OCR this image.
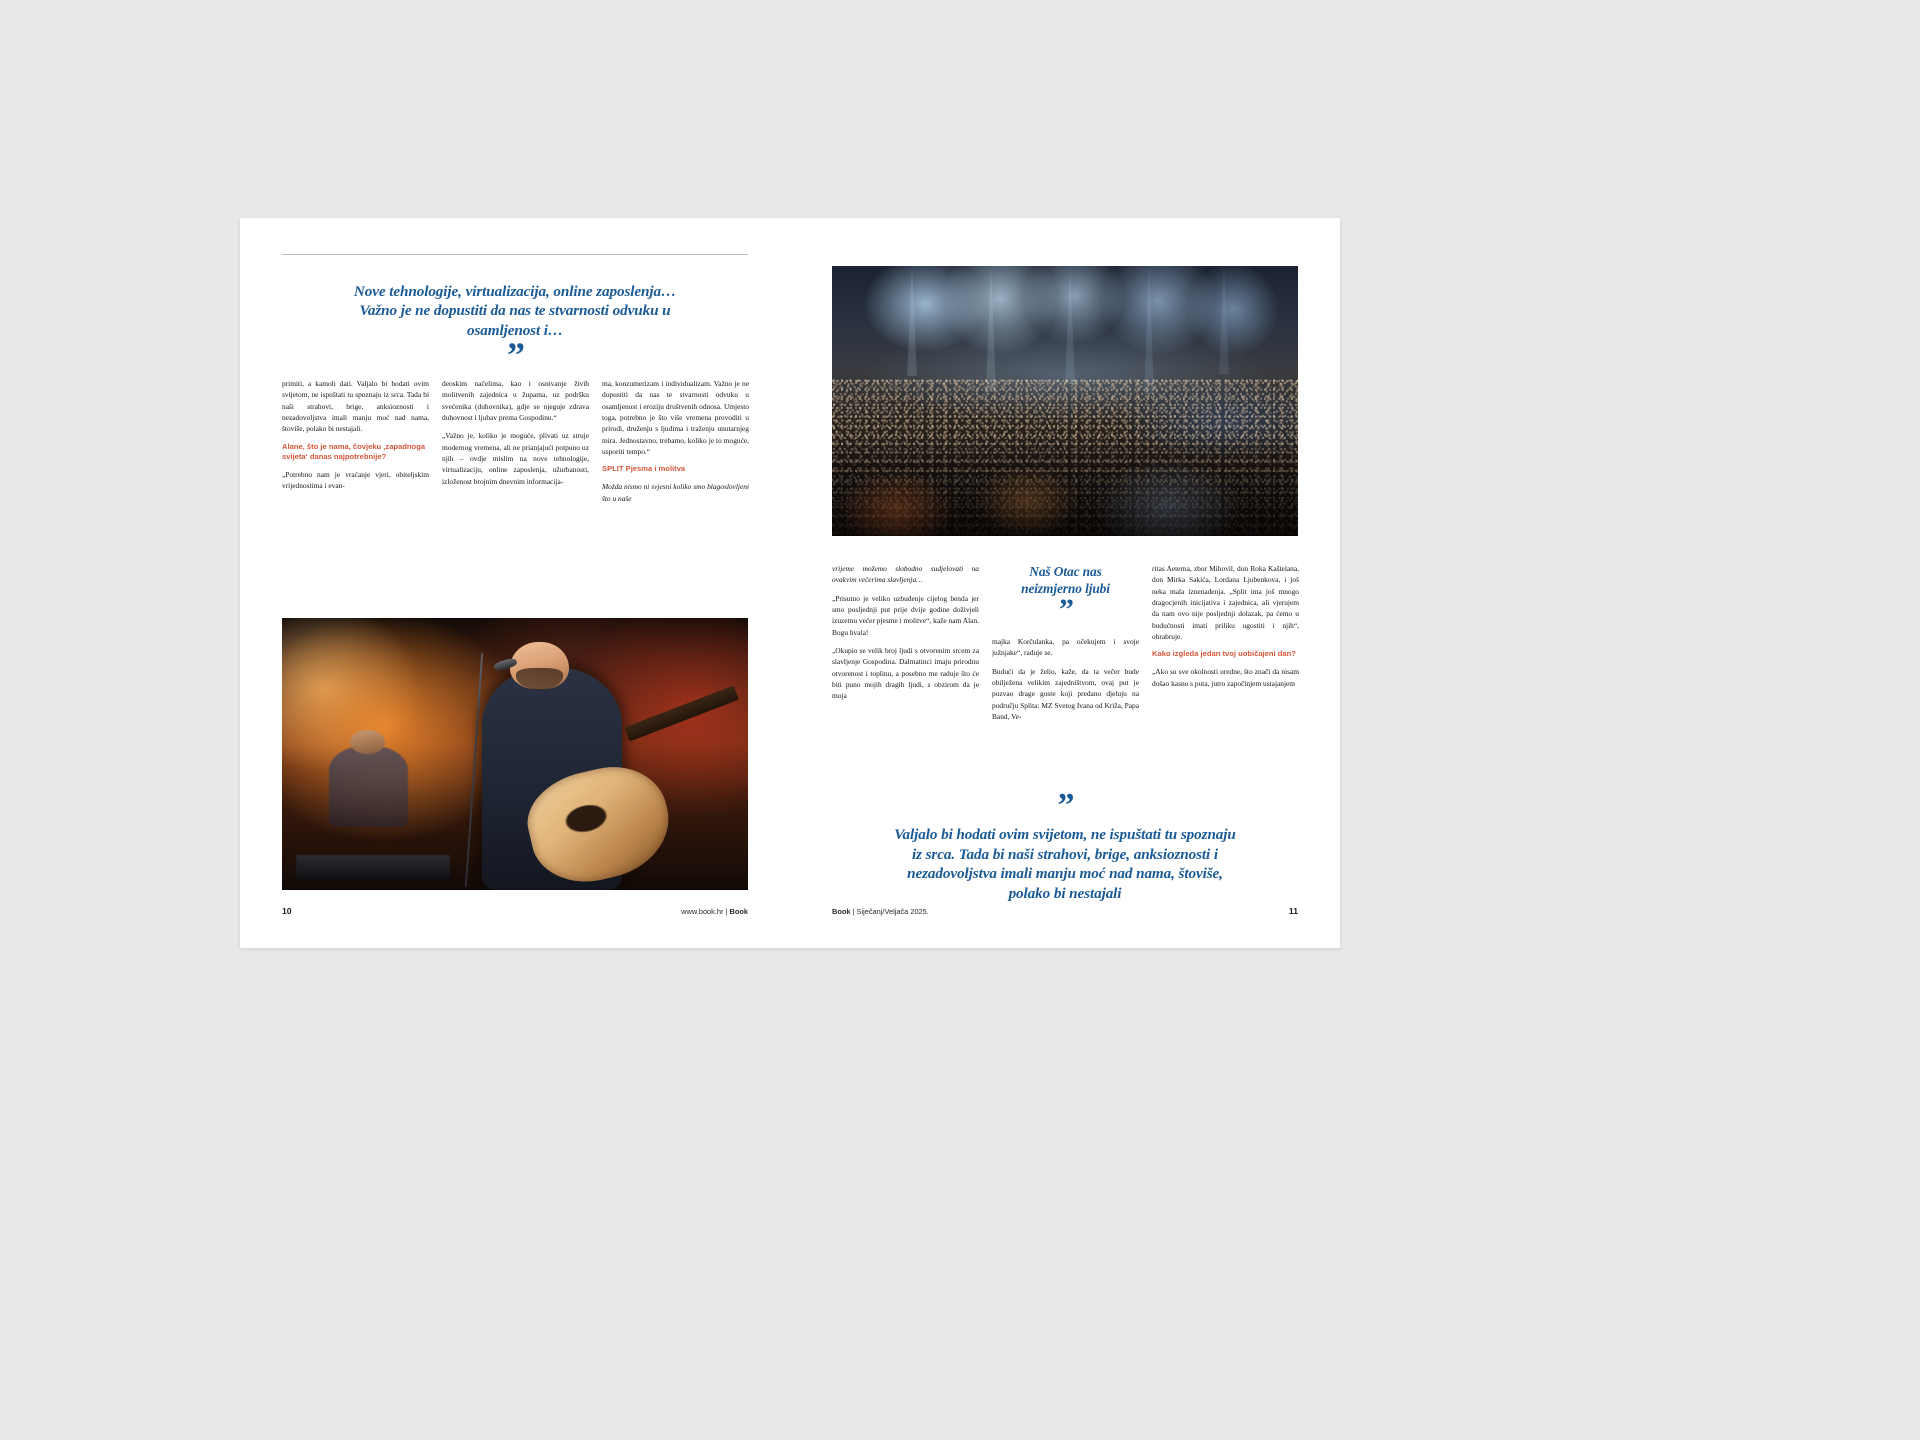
Nove tehnologije, virtualizacija, online zaposlenja…
Važno je ne dopustiti da nas te stvarnosti odvuku u
osamljenost i…
”

primiti, a kamoli dati. Valjalo bi hodati ovim svijetom, ne ispuštati tu spoznaju iz srca. Tada bi naši strahovi, brige, anksioznosti i nezadovoljstva imali manju moć nad nama, štoviše, polako bi nestajali.

Alane, što je nama, čovjeku ‚zapadnoga svijeta‘ danas najpotrebnije?

„Potrebno nam je vraćanje vjeri, obiteljskim vrijednostima i evan-

deoskim načelima, kao i osnivanje živih molitvenih zajednica u župama, uz podršku svećenika (duhovnika), gdje se njeguje zdrava duhovnost i ljubav prema Gospodinu.“

„Važno je, koliko je moguće, plivati uz struje modernog vremena, ali ne prianjajući potpuno uz njih – ovdje mislim na nove tehnologije, virtualizaciju, online zaposlenja, užurbanosti, izloženost brojnim dnevnim informacija-

ma, konzumerizam i individualizam. Važno je ne dopustiti da nas te stvarnosti odvuku u osamljenost i eroziju društvenih odnosa. Umjesto toga, potrebno je što više vremena provoditi u prirodi, druženju s ljudima i traženju unutarnjeg mira. Jednostavno, trebamo, koliko je to moguće, usporiti tempo.“

SPLIT Pjesma i molitva

Možda nismo ni svjesni koliko smo blagoslovljeni što u naše

10	www.book.hr | Book

vrijeme možemo slobodno sudjelovati na ovakvim večerima slavljenja…

„Prisutno je veliko uzbuđenje cijelog benda jer smo posljednji put prije dvije godine doživjeli izuzetnu večer pjesme i molitve“, kaže nam Alan. Bogu hvala!

„Okupio se velik broj ljudi s otvorenim srcem za slavljenje Gospodina. Dalmatinci imaju prirodnu otvorenost i toplinu, a posebno me raduje što će biti puno mojih dragih ljudi, s obzirom da je moja

Naš Otac nas
neizmjerno ljubi
”

majka Korčulanka, pa očekujem i svoje južnjake“, raduje se.

Budući da je želio, kaže, da ta večer bude obilježena velikim zajedništvom, ovaj put je pozvao drage goste koji predano djeluju na području Splita: MZ Svetog Ivana od Križa, Papa Band, Ve-

ritas Aeterna, zbor Mihovil, don Roka Kaštelana, don Mirka Sakića, Lordana Ljubenkova, i još neka mala iznenađenja. „Split ima još mnogo dragocjenih inicijativa i zajednica, ali vjerujem da nam ovo nije posljednji dolazak, pa ćemo u budućnosti imati priliku ugostiti i njih“, ohrabruje.

Kako izgleda jedan tvoj uobičajeni dan?

„Ako su sve okolnosti uredne, što znači da nisam došao kasno s puta, jutro započinjem ustajanjem

”
Valjalo bi hodati ovim svijetom, ne ispuštati tu spoznaju
iz srca. Tada bi naši strahovi, brige, anksioznosti i
nezadovoljstva imali manju moć nad nama, štoviše,
polako bi nestajali
Book | Siječanj/Veljača 2025.	11
